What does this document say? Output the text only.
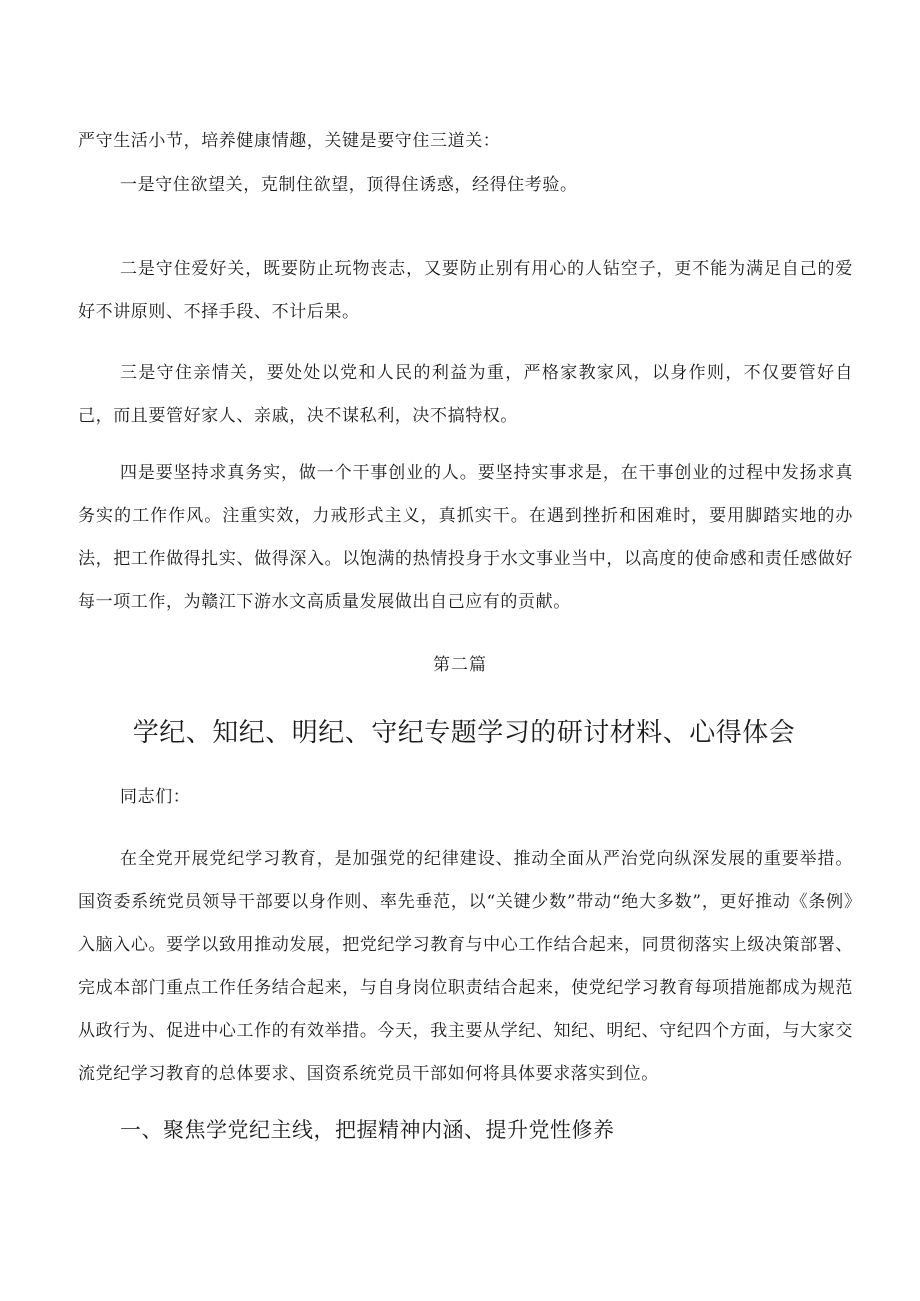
严守生活小节，培养健康情趣，关键是要守住三道关：

一是守住欲望关，克制住欲望，顶得住诱惑，经得住考验。

二是守住爱好关，既要防止玩物丧志，又要防止别有用心的人钻空子，更不能为满足自己的爱好不讲原则、不择手段、不计后果。

三是守住亲情关，要处处以党和人民的利益为重，严格家教家风，以身作则，不仅要管好自己，而且要管好家人、亲戚，决不谋私利，决不搞特权。

四是要坚持求真务实，做一个干事创业的人。要坚持实事求是，在干事创业的过程中发扬求真务实的工作作风。注重实效，力戒形式主义，真抓实干。在遇到挫折和困难时，要用脚踏实地的办法，把工作做得扎实、做得深入。以饱满的热情投身于水文事业当中，以高度的使命感和责任感做好每一项工作，为赣江下游水文高质量发展做出自己应有的贡献。

第二篇

学纪、知纪、明纪、守纪专题学习的研讨材料、心得体会

同志们：

在全党开展党纪学习教育，是加强党的纪律建设、推动全面从严治党向纵深发展的重要举措。国资委系统党员领导干部要以身作则、率先垂范，以“关键少数”带动“绝大多数”，更好推动《条例》入脑入心。要学以致用推动发展，把党纪学习教育与中心工作结合起来，同贯彻落实上级决策部署、完成本部门重点工作任务结合起来，与自身岗位职责结合起来，使党纪学习教育每项措施都成为规范从政行为、促进中心工作的有效举措。今天，我主要从学纪、知纪、明纪、守纪四个方面，与大家交流党纪学习教育的总体要求、国资系统党员干部如何将具体要求落实到位。

一、聚焦学党纪主线，把握精神内涵、提升党性修养
